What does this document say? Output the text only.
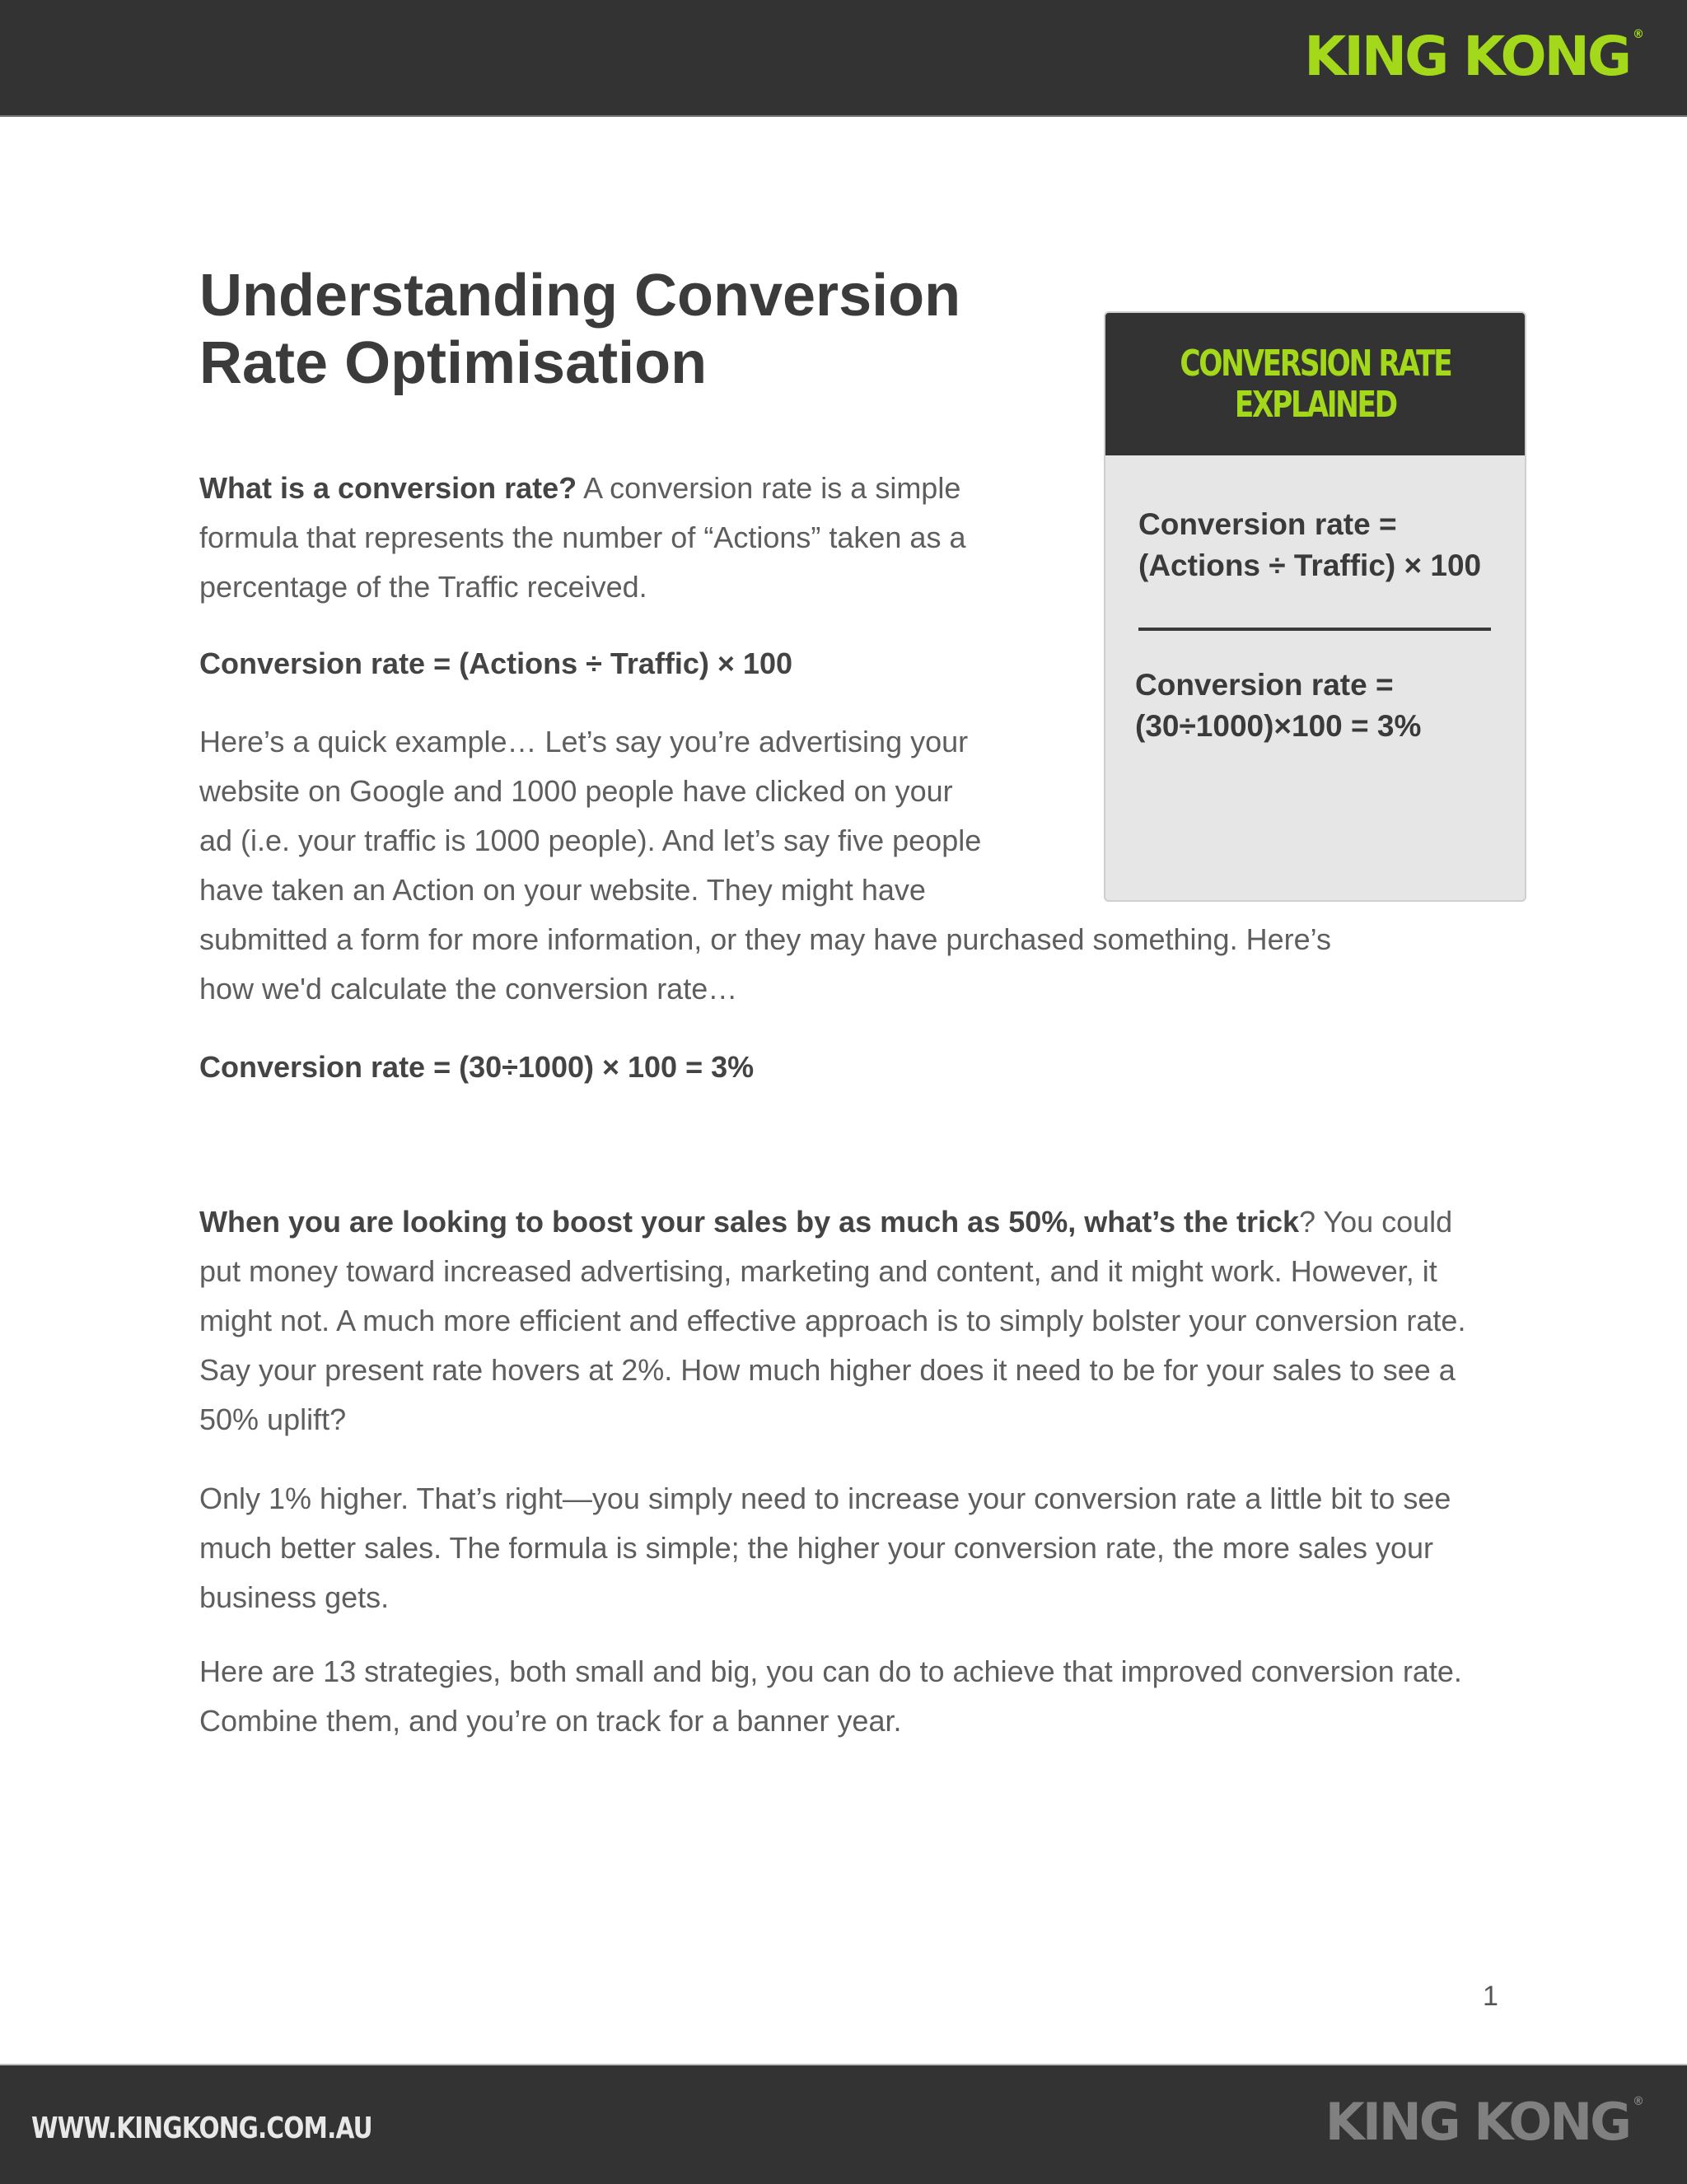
KING KONG ®
Understanding Conversion
Rate Optimisation

What is a conversion rate? A conversion rate is a simple formula that represents the number of “Actions” taken as a percentage of the Traffic received.

Conversion rate = (Actions ÷ Traffic) × 100

Here’s a quick example… Let’s say you’re advertising your
website on Google and 1000 people have clicked on your
ad (i.e. your traffic is 1000 people). And let’s say five people
have taken an Action on your website. They might have
submitted a form for more information, or they may have purchased something. Here’s
how we'd calculate the conversion rate…

Conversion rate = (30÷1000) × 100 = 3%

When you are looking to boost your sales by as much as 50%, what’s the trick? You could put money toward increased advertising, marketing and content, and it might work. However, it might not. A much more efficient and effective approach is to simply bolster your conversion rate. Say your present rate hovers at 2%. How much higher does it need to be for your sales to see a 50% uplift?

Only 1% higher. That’s right—you simply need to increase your conversion rate a little bit to see much better sales. The formula is simple; the higher your conversion rate, the more sales your business gets.

Here are 13 strategies, both small and big, you can do to achieve that improved conversion rate. Combine them, and you’re on track for a banner year.

CONVERSION RATE
EXPLAINED

Conversion rate =
(Actions ÷ Traffic) × 100

Conversion rate =
(30÷1000)×100 = 3%

1
WWW.KINGKONG.COM.AU	KING KONG ®
